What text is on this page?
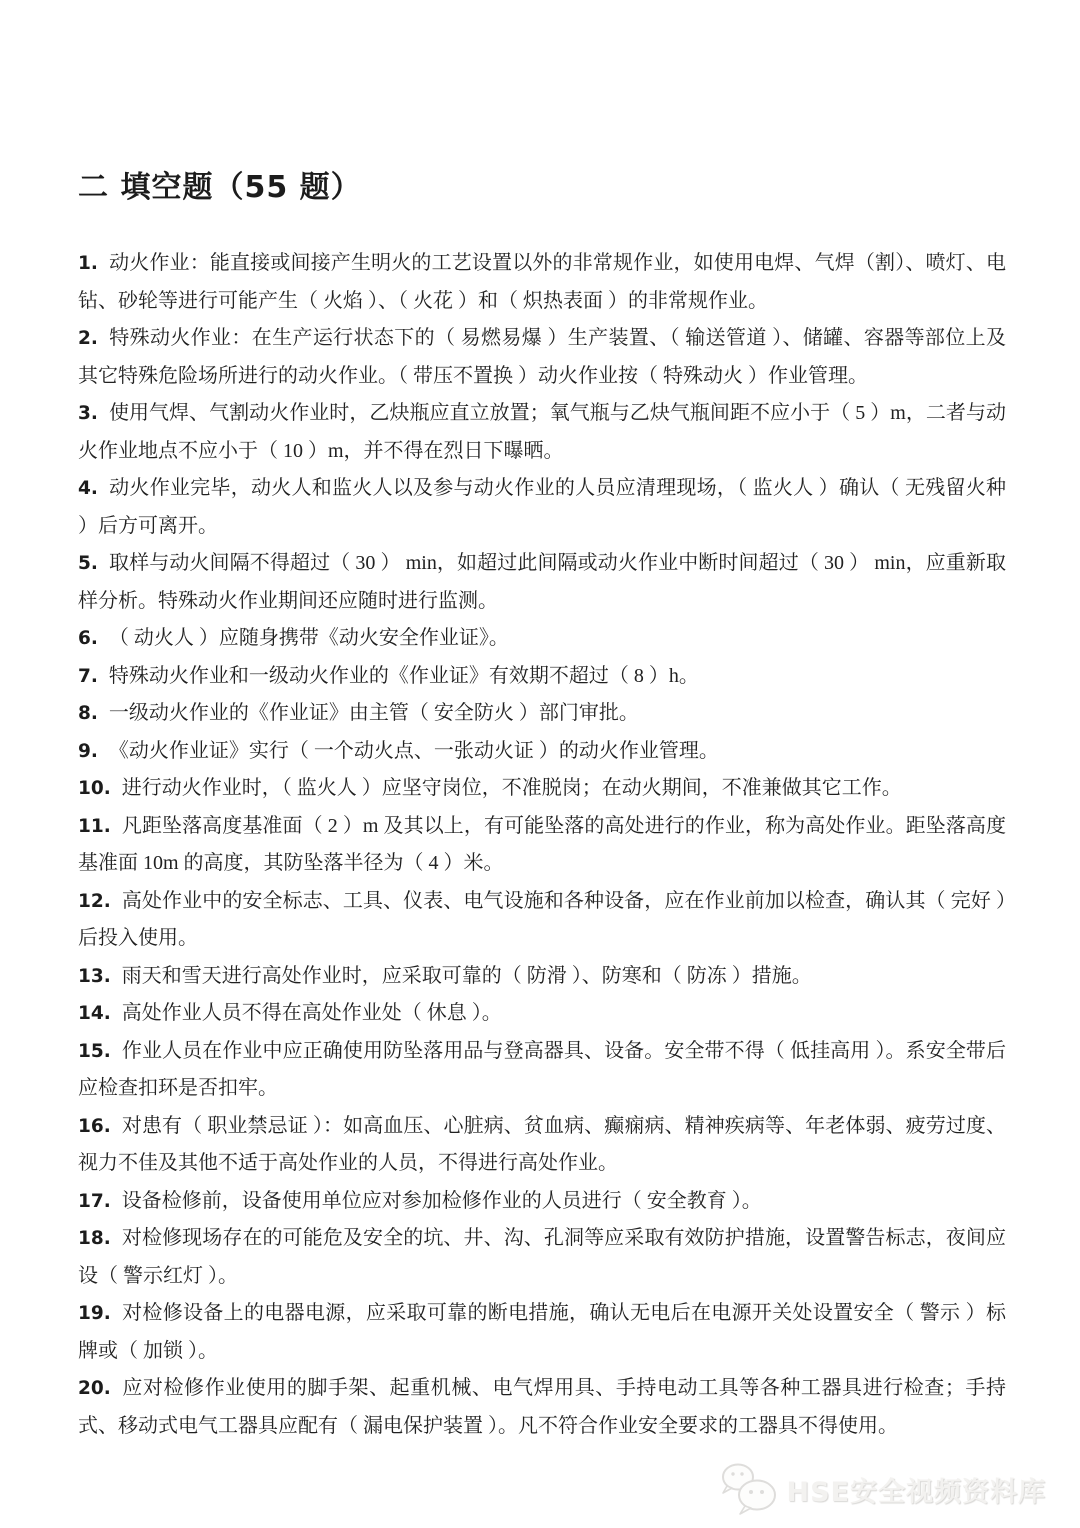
二 填空题（55 题）

1. 动火作业：能直接或间接产生明火的工艺设置以外的非常规作业，如使用电焊、气焊（割）、喷灯、电钻、砂轮等进行可能产生（ 火焰 ）、（ 火花 ）和（ 炽热表面 ）的非常规作业。

2. 特殊动火作业：在生产运行状态下的（ 易燃易爆 ）生产装置、（ 输送管道 ）、储罐、容器等部位上及其它特殊危险场所进行的动火作业。（ 带压不置换 ）动火作业按（ 特殊动火 ）作业管理。

3. 使用气焊、气割动火作业时，乙炔瓶应直立放置；氧气瓶与乙炔气瓶间距不应小于（ 5 ）m，二者与动火作业地点不应小于（ 10 ）m，并不得在烈日下曝晒。

4. 动火作业完毕，动火人和监火人以及参与动火作业的人员应清理现场，（ 监火人 ）确认（ 无残留火种 ）后方可离开。

5. 取样与动火间隔不得超过（ 30 ） min，如超过此间隔或动火作业中断时间超过（ 30 ） min，应重新取样分析。特殊动火作业期间还应随时进行监测。

6. （ 动火人 ）应随身携带《动火安全作业证》。

7. 特殊动火作业和一级动火作业的《作业证》有效期不超过（ 8 ）h。

8. 一级动火作业的《作业证》由主管（ 安全防火 ）部门审批。

9. 《动火作业证》实行（ 一个动火点、一张动火证 ）的动火作业管理。

10. 进行动火作业时，（ 监火人 ）应坚守岗位，不准脱岗；在动火期间，不准兼做其它工作。

11. 凡距坠落高度基准面（ 2 ）m 及其以上，有可能坠落的高处进行的作业，称为高处作业。距坠落高度基准面 10m 的高度，其防坠落半径为（ 4 ）米。

12. 高处作业中的安全标志、工具、仪表、电气设施和各种设备，应在作业前加以检查，确认其（ 完好 ）后投入使用。

13. 雨天和雪天进行高处作业时，应采取可靠的（ 防滑 ）、防寒和（ 防冻 ）措施。

14. 高处作业人员不得在高处作业处（ 休息 ）。

15. 作业人员在作业中应正确使用防坠落用品与登高器具、设备。安全带不得（ 低挂高用 ）。系安全带后应检查扣环是否扣牢。

16. 对患有（ 职业禁忌证 ）：如高血压、心脏病、贫血病、癫痫病、精神疾病等、年老体弱、疲劳过度、视力不佳及其他不适于高处作业的人员，不得进行高处作业。

17. 设备检修前，设备使用单位应对参加检修作业的人员进行（ 安全教育 ）。

18. 对检修现场存在的可能危及安全的坑、井、沟、孔洞等应采取有效防护措施，设置警告标志，夜间应设（ 警示红灯 ）。

19. 对检修设备上的电器电源，应采取可靠的断电措施，确认无电后在电源开关处设置安全（ 警示 ）标牌或（ 加锁 ）。

20. 应对检修作业使用的脚手架、起重机械、电气焊用具、手持电动工具等各种工器具进行检查；手持式、移动式电气工器具应配有（ 漏电保护装置 ）。凡不符合作业安全要求的工器具不得使用。

HSE安全视频资料库
